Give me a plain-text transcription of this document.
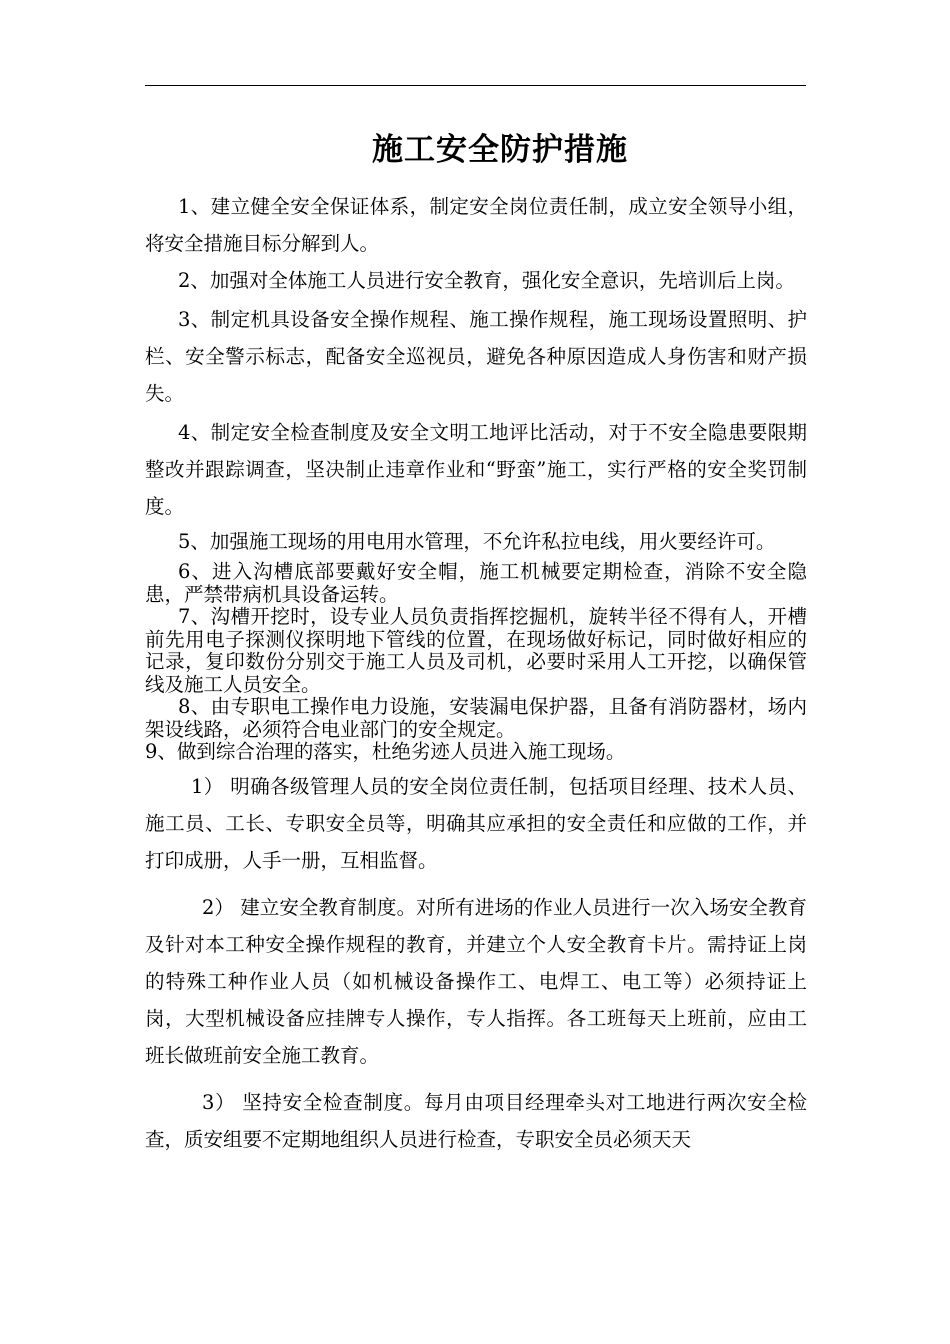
施工安全防护措施

1、建立健全安全保证体系，制定安全岗位责任制，成立安全领导小组，将安全措施目标分解到人。

2、加强对全体施工人员进行安全教育，强化安全意识，先培训后上岗。

3、制定机具设备安全操作规程、施工操作规程，施工现场设置照明、护栏、安全警示标志，配备安全巡视员，避免各种原因造成人身伤害和财产损失。

4、制定安全检查制度及安全文明工地评比活动，对于不安全隐患要限期整改并跟踪调查，坚决制止违章作业和“野蛮”施工，实行严格的安全奖罚制度。

5、加强施工现场的用电用水管理，不允许私拉电线，用火要经许可。

6、进入沟槽底部要戴好安全帽，施工机械要定期检查，消除不安全隐患，严禁带病机具设备运转。

7、沟槽开挖时，设专业人员负责指挥挖掘机，旋转半径不得有人，开槽前先用电子探测仪探明地下管线的位置，在现场做好标记，同时做好相应的记录，复印数份分别交于施工人员及司机，必要时采用人工开挖，以确保管线及施工人员安全。

8、由专职电工操作电力设施，安装漏电保护器，且备有消防器材，场内架设线路，必须符合电业部门的安全规定。

9、做到综合治理的落实，杜绝劣迹人员进入施工现场。

1） 明确各级管理人员的安全岗位责任制，包括项目经理、技术人员、施工员、工长、专职安全员等，明确其应承担的安全责任和应做的工作，并打印成册，人手一册，互相监督。

2） 建立安全教育制度。对所有进场的作业人员进行一次入场安全教育及针对本工种安全操作规程的教育，并建立个人安全教育卡片。需持证上岗的特殊工种作业人员（如机械设备操作工、电焊工、电工等）必须持证上岗，大型机械设备应挂牌专人操作，专人指挥。各工班每天上班前，应由工班长做班前安全施工教育。

3） 坚持安全检查制度。每月由项目经理牵头对工地进行两次安全检查，质安组要不定期地组织人员进行检查，专职安全员必须天天
